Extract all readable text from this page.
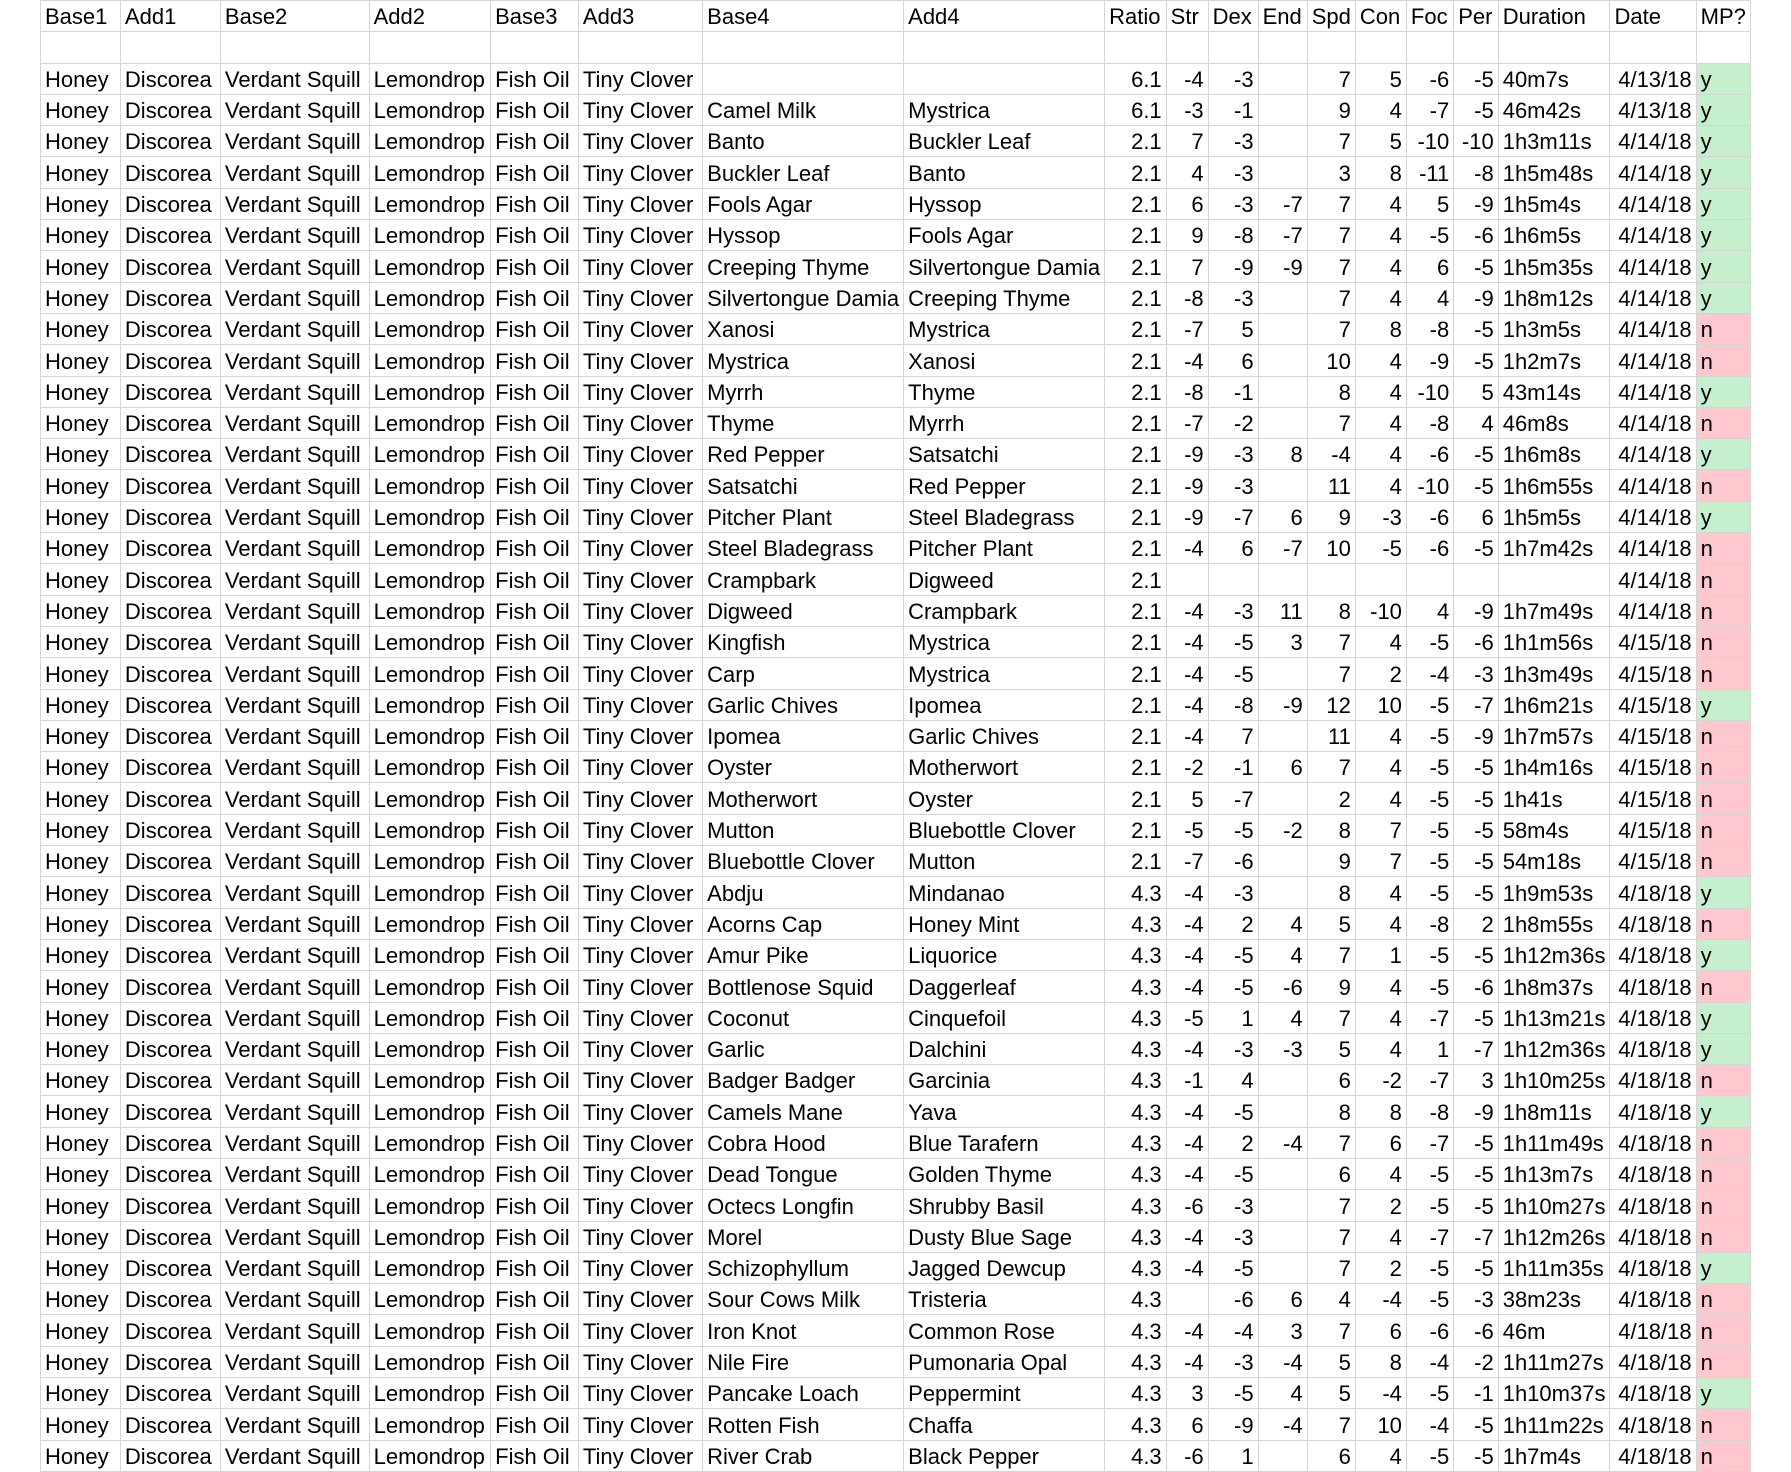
Base1	Add1	Base2	Add2	Base3	Add3	Base4	Add4	Ratio	Str	Dex	End	Spd	Con	Foc	Per	Duration	Date	MP?

Honey	Discorea	Verdant Squill	Lemondrop	Fish Oil	Tiny Clover			6.1	-4	-3		7	5	-6	-5	40m7s	4/13/18	y
Honey	Discorea	Verdant Squill	Lemondrop	Fish Oil	Tiny Clover	Camel Milk	Mystrica	6.1	-3	-1		9	4	-7	-5	46m42s	4/13/18	y
Honey	Discorea	Verdant Squill	Lemondrop	Fish Oil	Tiny Clover	Banto	Buckler Leaf	2.1	7	-3		7	5	-10	-10	1h3m11s	4/14/18	y
Honey	Discorea	Verdant Squill	Lemondrop	Fish Oil	Tiny Clover	Buckler Leaf	Banto	2.1	4	-3		3	8	-11	-8	1h5m48s	4/14/18	y
Honey	Discorea	Verdant Squill	Lemondrop	Fish Oil	Tiny Clover	Fools Agar	Hyssop	2.1	6	-3	-7	7	4	5	-9	1h5m4s	4/14/18	y
Honey	Discorea	Verdant Squill	Lemondrop	Fish Oil	Tiny Clover	Hyssop	Fools Agar	2.1	9	-8	-7	7	4	-5	-6	1h6m5s	4/14/18	y
Honey	Discorea	Verdant Squill	Lemondrop	Fish Oil	Tiny Clover	Creeping Thyme	Silvertongue Damia	2.1	7	-9	-9	7	4	6	-5	1h5m35s	4/14/18	y
Honey	Discorea	Verdant Squill	Lemondrop	Fish Oil	Tiny Clover	Silvertongue Damia	Creeping Thyme	2.1	-8	-3		7	4	4	-9	1h8m12s	4/14/18	y
Honey	Discorea	Verdant Squill	Lemondrop	Fish Oil	Tiny Clover	Xanosi	Mystrica	2.1	-7	5		7	8	-8	-5	1h3m5s	4/14/18	n
Honey	Discorea	Verdant Squill	Lemondrop	Fish Oil	Tiny Clover	Mystrica	Xanosi	2.1	-4	6		10	4	-9	-5	1h2m7s	4/14/18	n
Honey	Discorea	Verdant Squill	Lemondrop	Fish Oil	Tiny Clover	Myrrh	Thyme	2.1	-8	-1		8	4	-10	5	43m14s	4/14/18	y
Honey	Discorea	Verdant Squill	Lemondrop	Fish Oil	Tiny Clover	Thyme	Myrrh	2.1	-7	-2		7	4	-8	4	46m8s	4/14/18	n
Honey	Discorea	Verdant Squill	Lemondrop	Fish Oil	Tiny Clover	Red Pepper	Satsatchi	2.1	-9	-3	8	-4	4	-6	-5	1h6m8s	4/14/18	y
Honey	Discorea	Verdant Squill	Lemondrop	Fish Oil	Tiny Clover	Satsatchi	Red Pepper	2.1	-9	-3		11	4	-10	-5	1h6m55s	4/14/18	n
Honey	Discorea	Verdant Squill	Lemondrop	Fish Oil	Tiny Clover	Pitcher Plant	Steel Bladegrass	2.1	-9	-7	6	9	-3	-6	6	1h5m5s	4/14/18	y
Honey	Discorea	Verdant Squill	Lemondrop	Fish Oil	Tiny Clover	Steel Bladegrass	Pitcher Plant	2.1	-4	6	-7	10	-5	-6	-5	1h7m42s	4/14/18	n
Honey	Discorea	Verdant Squill	Lemondrop	Fish Oil	Tiny Clover	Crampbark	Digweed	2.1									4/14/18	n
Honey	Discorea	Verdant Squill	Lemondrop	Fish Oil	Tiny Clover	Digweed	Crampbark	2.1	-4	-3	11	8	-10	4	-9	1h7m49s	4/14/18	n
Honey	Discorea	Verdant Squill	Lemondrop	Fish Oil	Tiny Clover	Kingfish	Mystrica	2.1	-4	-5	3	7	4	-5	-6	1h1m56s	4/15/18	n
Honey	Discorea	Verdant Squill	Lemondrop	Fish Oil	Tiny Clover	Carp	Mystrica	2.1	-4	-5		7	2	-4	-3	1h3m49s	4/15/18	n
Honey	Discorea	Verdant Squill	Lemondrop	Fish Oil	Tiny Clover	Garlic Chives	Ipomea	2.1	-4	-8	-9	12	10	-5	-7	1h6m21s	4/15/18	y
Honey	Discorea	Verdant Squill	Lemondrop	Fish Oil	Tiny Clover	Ipomea	Garlic Chives	2.1	-4	7		11	4	-5	-9	1h7m57s	4/15/18	n
Honey	Discorea	Verdant Squill	Lemondrop	Fish Oil	Tiny Clover	Oyster	Motherwort	2.1	-2	-1	6	7	4	-5	-5	1h4m16s	4/15/18	n
Honey	Discorea	Verdant Squill	Lemondrop	Fish Oil	Tiny Clover	Motherwort	Oyster	2.1	5	-7		2	4	-5	-5	1h41s	4/15/18	n
Honey	Discorea	Verdant Squill	Lemondrop	Fish Oil	Tiny Clover	Mutton	Bluebottle Clover	2.1	-5	-5	-2	8	7	-5	-5	58m4s	4/15/18	n
Honey	Discorea	Verdant Squill	Lemondrop	Fish Oil	Tiny Clover	Bluebottle Clover	Mutton	2.1	-7	-6		9	7	-5	-5	54m18s	4/15/18	n
Honey	Discorea	Verdant Squill	Lemondrop	Fish Oil	Tiny Clover	Abdju	Mindanao	4.3	-4	-3		8	4	-5	-5	1h9m53s	4/18/18	y
Honey	Discorea	Verdant Squill	Lemondrop	Fish Oil	Tiny Clover	Acorns Cap	Honey Mint	4.3	-4	2	4	5	4	-8	2	1h8m55s	4/18/18	n
Honey	Discorea	Verdant Squill	Lemondrop	Fish Oil	Tiny Clover	Amur Pike	Liquorice	4.3	-4	-5	4	7	1	-5	-5	1h12m36s	4/18/18	y
Honey	Discorea	Verdant Squill	Lemondrop	Fish Oil	Tiny Clover	Bottlenose Squid	Daggerleaf	4.3	-4	-5	-6	9	4	-5	-6	1h8m37s	4/18/18	n
Honey	Discorea	Verdant Squill	Lemondrop	Fish Oil	Tiny Clover	Coconut	Cinquefoil	4.3	-5	1	4	7	4	-7	-5	1h13m21s	4/18/18	y
Honey	Discorea	Verdant Squill	Lemondrop	Fish Oil	Tiny Clover	Garlic	Dalchini	4.3	-4	-3	-3	5	4	1	-7	1h12m36s	4/18/18	y
Honey	Discorea	Verdant Squill	Lemondrop	Fish Oil	Tiny Clover	Badger Badger	Garcinia	4.3	-1	4		6	-2	-7	3	1h10m25s	4/18/18	n
Honey	Discorea	Verdant Squill	Lemondrop	Fish Oil	Tiny Clover	Camels Mane	Yava	4.3	-4	-5		8	8	-8	-9	1h8m11s	4/18/18	y
Honey	Discorea	Verdant Squill	Lemondrop	Fish Oil	Tiny Clover	Cobra Hood	Blue Tarafern	4.3	-4	2	-4	7	6	-7	-5	1h11m49s	4/18/18	n
Honey	Discorea	Verdant Squill	Lemondrop	Fish Oil	Tiny Clover	Dead Tongue	Golden Thyme	4.3	-4	-5		6	4	-5	-5	1h13m7s	4/18/18	n
Honey	Discorea	Verdant Squill	Lemondrop	Fish Oil	Tiny Clover	Octecs Longfin	Shrubby Basil	4.3	-6	-3		7	2	-5	-5	1h10m27s	4/18/18	n
Honey	Discorea	Verdant Squill	Lemondrop	Fish Oil	Tiny Clover	Morel	Dusty Blue Sage	4.3	-4	-3		7	4	-7	-7	1h12m26s	4/18/18	n
Honey	Discorea	Verdant Squill	Lemondrop	Fish Oil	Tiny Clover	Schizophyllum	Jagged Dewcup	4.3	-4	-5		7	2	-5	-5	1h11m35s	4/18/18	y
Honey	Discorea	Verdant Squill	Lemondrop	Fish Oil	Tiny Clover	Sour Cows Milk	Tristeria	4.3		-6	6	4	-4	-5	-3	38m23s	4/18/18	n
Honey	Discorea	Verdant Squill	Lemondrop	Fish Oil	Tiny Clover	Iron Knot	Common Rose	4.3	-4	-4	3	7	6	-6	-6	46m	4/18/18	n
Honey	Discorea	Verdant Squill	Lemondrop	Fish Oil	Tiny Clover	Nile Fire	Pumonaria Opal	4.3	-4	-3	-4	5	8	-4	-2	1h11m27s	4/18/18	n
Honey	Discorea	Verdant Squill	Lemondrop	Fish Oil	Tiny Clover	Pancake Loach	Peppermint	4.3	3	-5	4	5	-4	-5	-1	1h10m37s	4/18/18	y
Honey	Discorea	Verdant Squill	Lemondrop	Fish Oil	Tiny Clover	Rotten Fish	Chaffa	4.3	6	-9	-4	7	10	-4	-5	1h11m22s	4/18/18	n
Honey	Discorea	Verdant Squill	Lemondrop	Fish Oil	Tiny Clover	River Crab	Black Pepper	4.3	-6	1		6	4	-5	-5	1h7m4s	4/18/18	n
